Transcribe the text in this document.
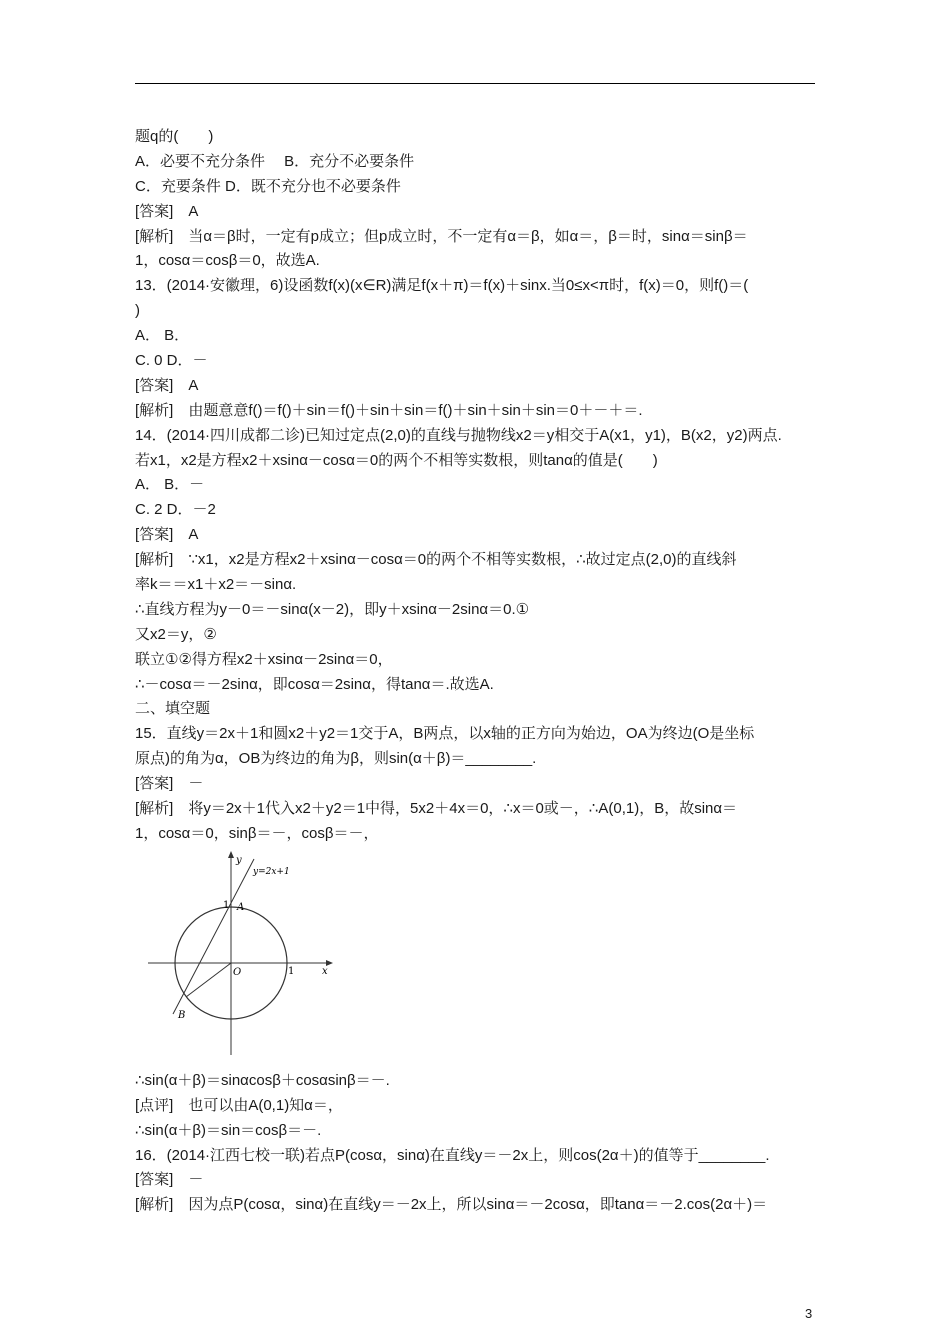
题q的(　　)
A．必要不充分条件　 B．充分不必要条件
C．充要条件 D．既不充分也不必要条件
[答案]　A
[解析]　当α＝β时，一定有p成立；但p成立时，不一定有α＝β，如α＝，β＝时，sinα＝sinβ＝
1，cosα＝cosβ＝0，故选A.
13．(2014·安徽理，6)设函数f(x)(x∈R)满足f(x＋π)＝f(x)＋sinx.当0≤x<π时，f(x)＝0，则f()＝(
)
A． B．
C. 0 D．－
[答案]　A
[解析]　由题意意f()＝f()＋sin＝f()＋sin＋sin＝f()＋sin＋sin＋sin＝0＋－＋＝.
14．(2014·四川成都二诊)已知过定点(2,0)的直线与抛物线x2＝y相交于A(x1，y1)，B(x2，y2)两点.
若x1，x2是方程x2＋xsinα－cosα＝0的两个不相等实数根，则tanα的值是(　　)
A． B．－
C. 2 D．－2
[答案]　A
[解析]　∵x1，x2是方程x2＋xsinα－cosα＝0的两个不相等实数根，∴故过定点(2,0)的直线斜
率k＝＝x1＋x2＝－sinα.
∴直线方程为y－0＝－sinα(x－2)，即y＋xsinα－2sinα＝0.①
又x2＝y，②
联立①②得方程x2＋xsinα－2sinα＝0，
∴－cosα＝－2sinα，即cosα＝2sinα，得tanα＝.故选A.
二、填空题
15．直线y＝2x＋1和圆x2＋y2＝1交于A，B两点，以x轴的正方向为始边，OA为终边(O是坐标
原点)的角为α，OB为终边的角为β，则sin(α＋β)＝________.
[答案]　－
[解析]　将y＝2x＋1代入x2＋y2＝1中得，5x2＋4x＝0，∴x＝0或－，∴A(0,1)，B，故sinα＝
1，cosα＝0，sinβ＝－，cosβ＝－，
∴sin(α＋β)＝sinαcosβ＋cosαsinβ＝－.
[点评]　也可以由A(0,1)知α＝，
∴sin(α＋β)＝sin＝cosβ＝－.
16．(2014·江西七校一联)若点P(cosα，sinα)在直线y＝－2x上，则cos(2α＋)的值等于________.
[答案]　－
[解析]　因为点P(cosα，sinα)在直线y＝－2x上，所以sinα＝－2cosα，即tanα＝－2.cos(2α＋)＝
y
x
y=2x+1
A
B
O
1
1
3
